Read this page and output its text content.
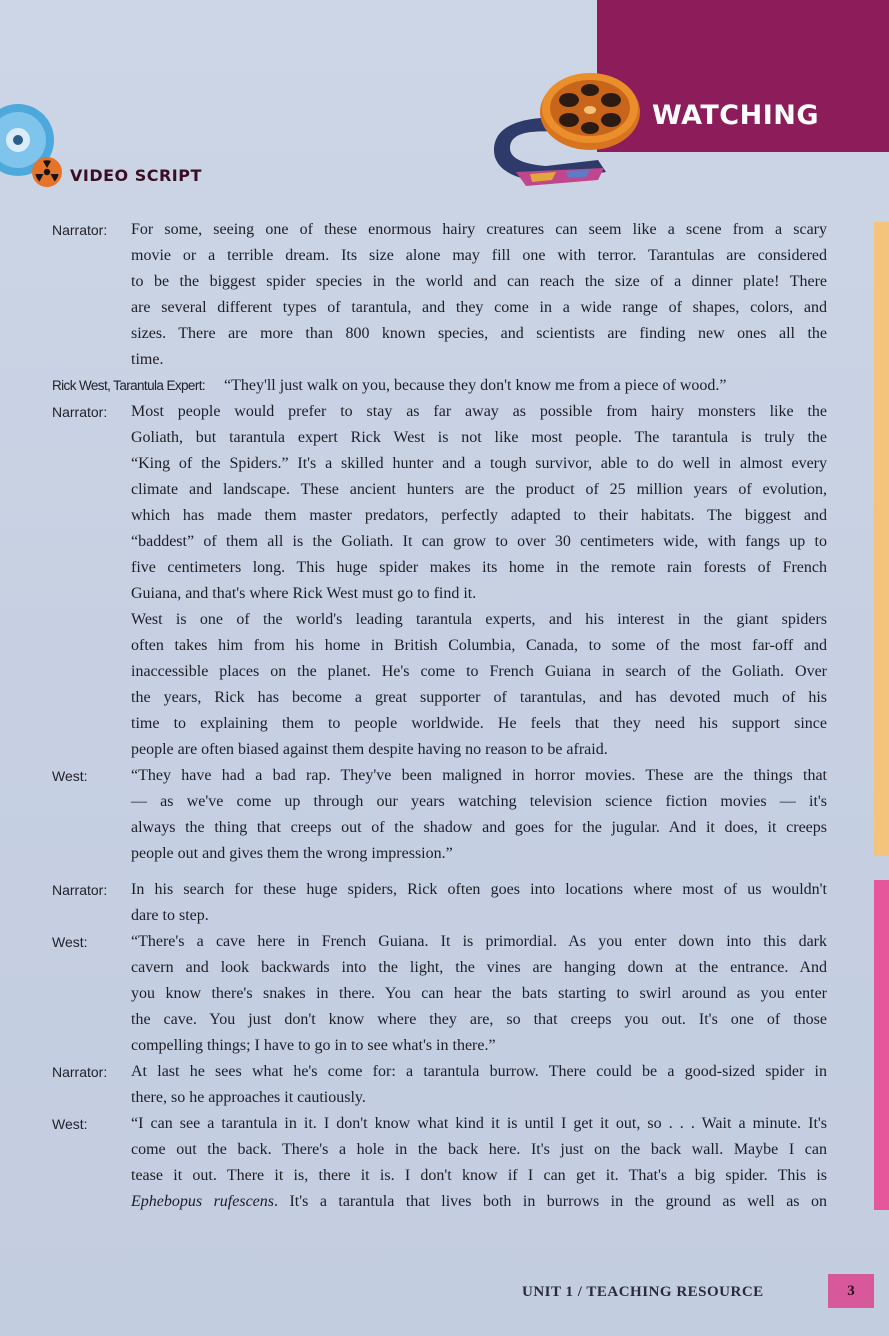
WATCHING
VIDEO SCRIPT
Narrator:	For some, seeing one of these enormous hairy creatures can seem like a scene from a scary
movie or a terrible dream. Its size alone may fill one with terror. Tarantulas are considered
to be the biggest spider species in the world and can reach the size of a dinner plate! There
are several different types of tarantula, and they come in a wide range of shapes, colors, and
sizes. There are more than 800 known species, and scientists are finding new ones all the
time.
Rick West, Tarantula Expert: “They'll just walk on you, because they don't know me from a piece of wood.”
Narrator:	Most people would prefer to stay as far away as possible from hairy monsters like the
Goliath, but tarantula expert Rick West is not like most people. The tarantula is truly the
“King of the Spiders.” It's a skilled hunter and a tough survivor, able to do well in almost every
climate and landscape. These ancient hunters are the product of 25 million years of evolution,
which has made them master predators, perfectly adapted to their habitats. The biggest and
“baddest” of them all is the Goliath. It can grow to over 30 centimeters wide, with fangs up to
five centimeters long. This huge spider makes its home in the remote rain forests of French
Guiana, and that's where Rick West must go to find it.
West is one of the world's leading tarantula experts, and his interest in the giant spiders
often takes him from his home in British Columbia, Canada, to some of the most far-off and
inaccessible places on the planet. He's come to French Guiana in search of the Goliath. Over
the years, Rick has become a great supporter of tarantulas, and has devoted much of his
time to explaining them to people worldwide. He feels that they need his support since
people are often biased against them despite having no reason to be afraid.
West:	“They have had a bad rap. They've been maligned in horror movies. These are the things that
— as we've come up through our years watching television science fiction movies — it's
always the thing that creeps out of the shadow and goes for the jugular. And it does, it creeps
people out and gives them the wrong impression.”
Narrator:	In his search for these huge spiders, Rick often goes into locations where most of us wouldn't
dare to step.
West:	“There's a cave here in French Guiana. It is primordial. As you enter down into this dark
cavern and look backwards into the light, the vines are hanging down at the entrance. And
you know there's snakes in there. You can hear the bats starting to swirl around as you enter
the cave. You just don't know where they are, so that creeps you out. It's one of those
compelling things; I have to go in to see what's in there.”
Narrator:	At last he sees what he's come for: a tarantula burrow. There could be a good-sized spider in
there, so he approaches it cautiously.
West:	“I can see a tarantula in it. I don't know what kind it is until I get it out, so . . . Wait a minute. It's
come out the back. There's a hole in the back here. It's just on the back wall. Maybe I can
tease it out. There it is, there it is. I don't know if I can get it. That's a big spider. This is
Ephebopus rufescens. It's a tarantula that lives both in burrows in the ground as well as on
UNIT 1 / TEACHING RESOURCE	3
